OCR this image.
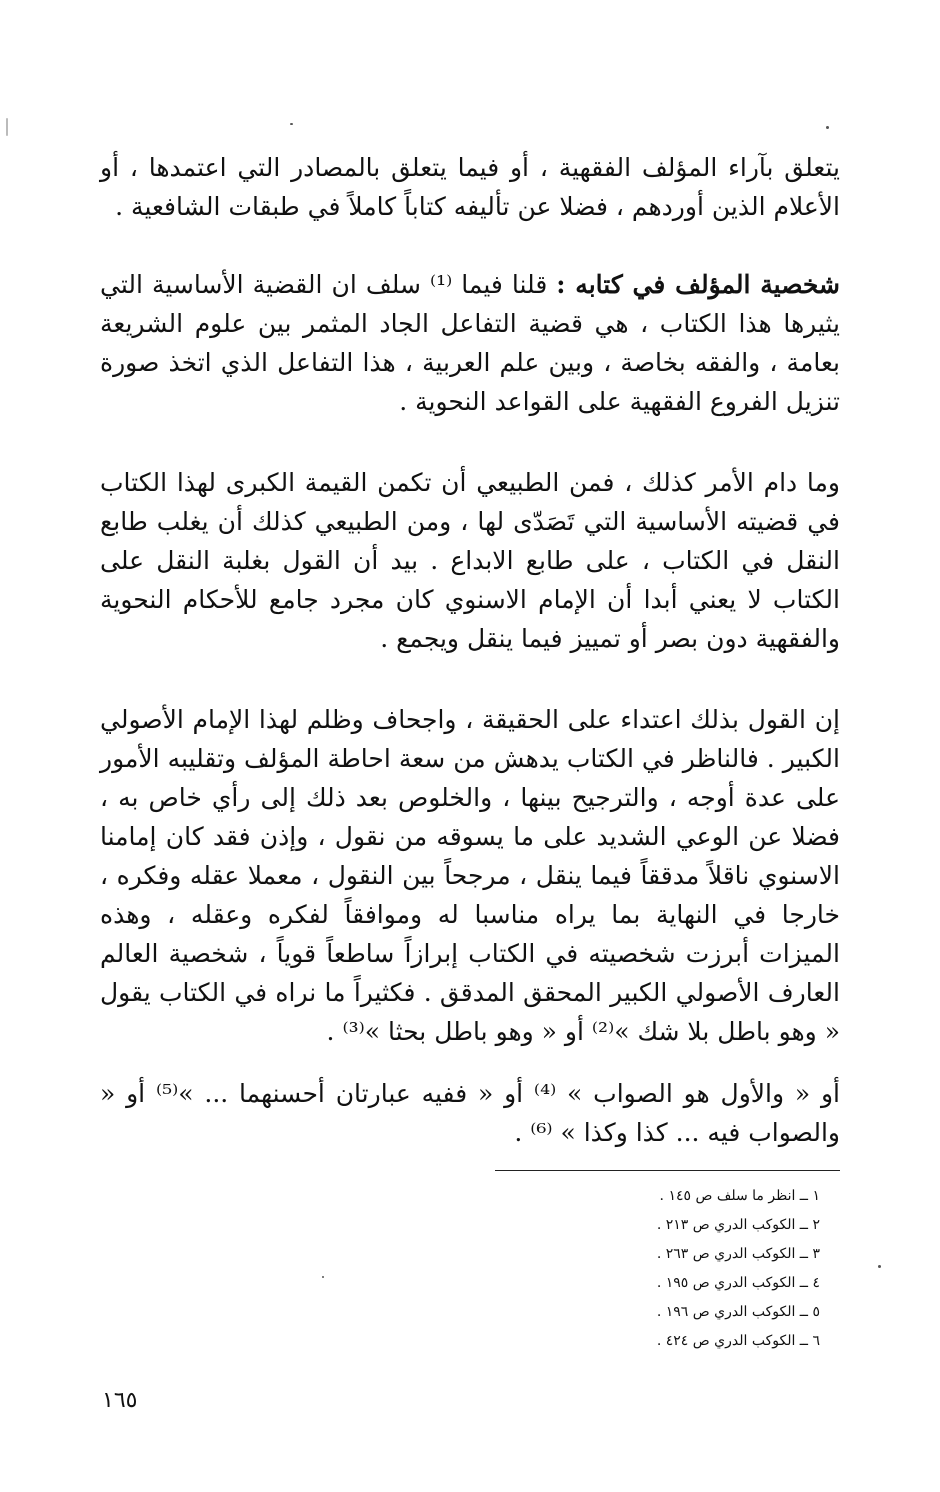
يتعلق بآراء المؤلف الفقهية ، أو فيما يتعلق بالمصادر التي اعتمدها ، أو الأعلام الذين أوردهم ، فضلا عن تأليفه كتاباً كاملاً في طبقات الشافعية .

شخصية المؤلف في كتابه : قلنا فيما ⁽¹⁾ سلف ان القضية الأساسية التي يثيرها هذا الكتاب ، هي قضية التفاعل الجاد المثمر بين علوم الشريعة بعامة ، والفقه بخاصة ، وبين علم العربية ، هذا التفاعل الذي اتخذ صورة تنزيل الفروع الفقهية على القواعد النحوية .

وما دام الأمر كذلك ، فمن الطبيعي أن تكمن القيمة الكبرى لهذا الكتاب في قضيته الأساسية التي تَصَدّى لها ، ومن الطبيعي كذلك أن يغلب طابع النقل في الكتاب ، على طابع الابداع . بيد أن القول بغلبة النقل على الكتاب لا يعني أبدا أن الإمام الاسنوي كان مجرد جامع للأحكام النحوية والفقهية دون بصر أو تمييز فيما ينقل ويجمع .

إن القول بذلك اعتداء على الحقيقة ، واجحاف وظلم لهذا الإمام الأصولي الكبير . فالناظر في الكتاب يدهش من سعة احاطة المؤلف وتقليبه الأمور على عدة أوجه ، والترجيح بينها ، والخلوص بعد ذلك إلى رأي خاص به ، فضلا عن الوعي الشديد على ما يسوقه من نقول ، وإذن فقد كان إمامنا الاسنوي ناقلاً مدققاً فيما ينقل ، مرجحاً بين النقول ، معملا عقله وفكره ، خارجا في النهاية بما يراه مناسبا له وموافقاً لفكره وعقله ، وهذه الميزات أبرزت شخصيته في الكتاب إبرازاً ساطعاً قوياً ، شخصية العالم العارف الأصولي الكبير المحقق المدقق . فكثيراً ما نراه في الكتاب يقول « وهو باطل بلا شك »⁽²⁾ أو « وهو باطل بحثا »⁽³⁾ .

أو « والأول هو الصواب » ⁽⁴⁾ أو « ففيه عبارتان أحسنهما ... »⁽⁵⁾ أو « والصواب فيه ... كذا وكذا » ⁽⁶⁾ .

١ ــ انظر ما سلف ص ١٤٥ .
٢ ــ الكوكب الدري ص ٢١٣ .
٣ ــ الكوكب الدري ص ٢٦٣ .
٤ ــ الكوكب الدري ص ١٩٥ .
٥ ــ الكوكب الدري ص ١٩٦ .
٦ ــ الكوكب الدري ص ٤٢٤ .
١٦٥
